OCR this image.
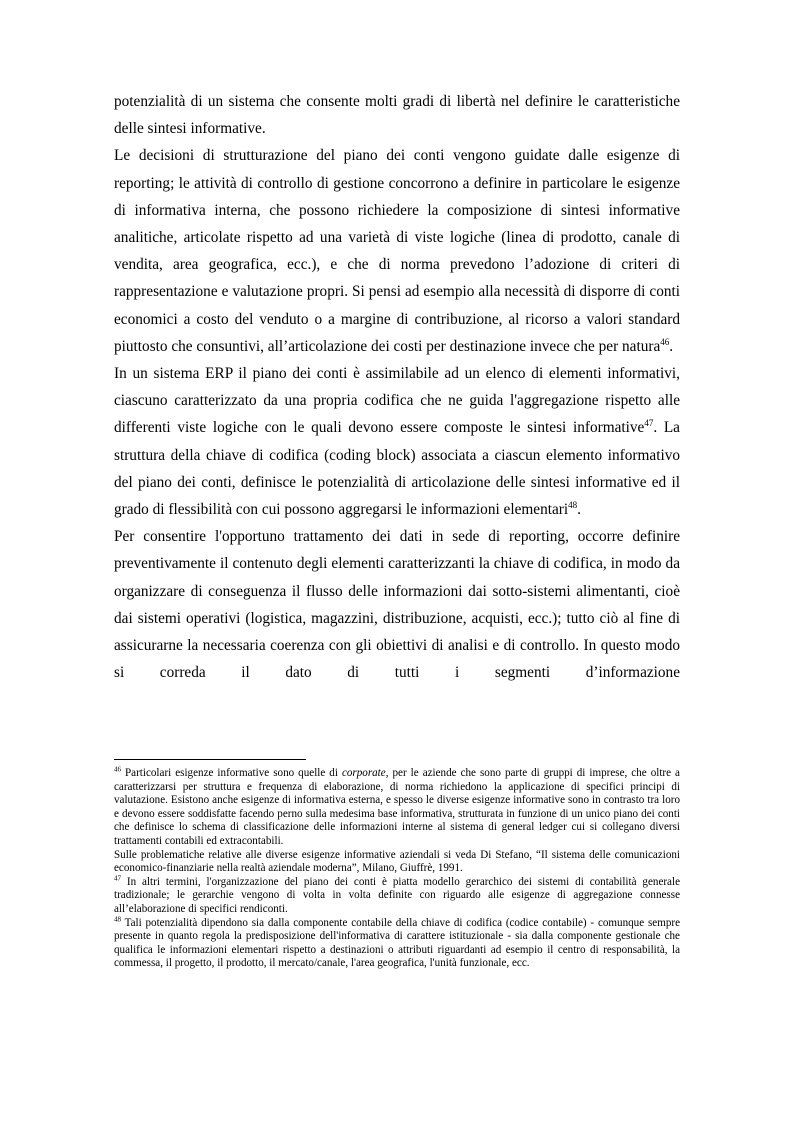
potenzialità di un sistema che consente molti gradi di libertà nel definire le caratteristiche delle sintesi informative.

Le decisioni di strutturazione del piano dei conti vengono guidate dalle esigenze di reporting; le attività di controllo di gestione concorrono a definire in particolare le esigenze di informativa interna, che possono richiedere la composizione di sintesi informative analitiche, articolate rispetto ad una varietà di viste logiche (linea di prodotto, canale di vendita, area geografica, ecc.), e che di norma prevedono l’adozione di criteri di rappresentazione e valutazione propri. Si pensi ad esempio alla necessità di disporre di conti economici a costo del venduto o a margine di contribuzione, al ricorso a valori standard piuttosto che consuntivi, all’articolazione dei costi per destinazione invece che per natura$^{46}$.

In un sistema ERP il piano dei conti è assimilabile ad un elenco di elementi informativi, ciascuno caratterizzato da una propria codifica che ne guida l'aggregazione rispetto alle differenti viste logiche con le quali devono essere composte le sintesi informative$^{47}$. La struttura della chiave di codifica (coding block) associata a ciascun elemento informativo del piano dei conti, definisce le potenzialità di articolazione delle sintesi informative ed il grado di flessibilità con cui possono aggregarsi le informazioni elementari$^{48}$.

Per consentire l'opportuno trattamento dei dati in sede di reporting, occorre definire preventivamente il contenuto degli elementi caratterizzanti la chiave di codifica, in modo da organizzare di conseguenza il flusso delle informazioni dai sotto-sistemi alimentanti, cioè dai sistemi operativi (logistica, magazzini, distribuzione, acquisti, ecc.); tutto ciò al fine di assicurarne la necessaria coerenza con gli obiettivi di analisi e di controllo. In questo modo si correda il dato di tutti i segmenti d’informazione

$^{46}$ Particolari esigenze informative sono quelle di corporate, per le aziende che sono parte di gruppi di imprese, che oltre a caratterizzarsi per struttura e frequenza di elaborazione, di norma richiedono la applicazione di specifici principi di valutazione. Esistono anche esigenze di informativa esterna, e spesso le diverse esigenze informative sono in contrasto tra loro e devono essere soddisfatte facendo perno sulla medesima base informativa, strutturata in funzione di un unico piano dei conti che definisce lo schema di classificazione delle informazioni interne al sistema di general ledger cui si collegano diversi trattamenti contabili ed extracontabili.

Sulle problematiche relative alle diverse esigenze informative aziendali si veda Di Stefano, “Il sistema delle comunicazioni economico-finanziarie nella realtà aziendale moderna”, Milano, Giuffrè, 1991.

$^{47}$ In altri termini, l'organizzazione del piano dei conti è piatta modello gerarchico dei sistemi di contabilità generale tradizionale; le gerarchie vengono di volta in volta definite con riguardo alle esigenze di aggregazione connesse all’elaborazione di specifici rendiconti.

$^{48}$ Tali potenzialità dipendono sia dalla componente contabile della chiave di codifica (codice contabile) - comunque sempre presente in quanto regola la predisposizione dell'informativa di carattere istituzionale - sia dalla componente gestionale che qualifica le informazioni elementari rispetto a destinazioni o attributi riguardanti ad esempio il centro di responsabilità, la commessa, il progetto, il prodotto, il mercato/canale, l'area geografica, l'unità funzionale, ecc.
